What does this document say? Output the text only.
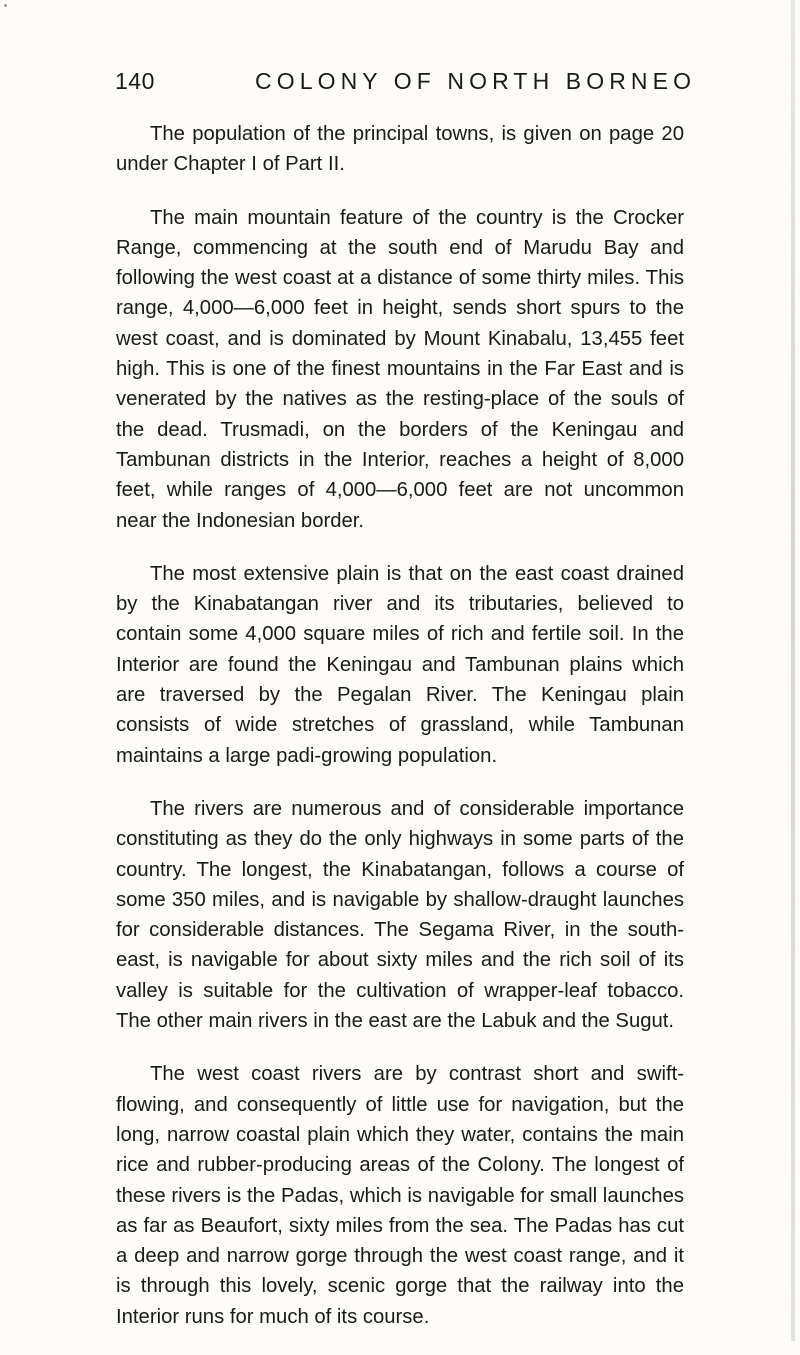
140	COLONY OF NORTH BORNEO

The population of the principal towns, is given on page 20 under Chapter I of Part II.

The main mountain feature of the country is the Crocker Range, commencing at the south end of Marudu Bay and following the west coast at a distance of some thirty miles. This range, 4,000—6,000 feet in height, sends short spurs to the west coast, and is dominated by Mount Kinabalu, 13,455 feet high. This is one of the finest mountains in the Far East and is venerated by the natives as the resting-place of the souls of the dead. Trusmadi, on the borders of the Keningau and Tambunan districts in the Interior, reaches a height of 8,000 feet, while ranges of 4,000—6,000 feet are not uncommon near the Indonesian border.

The most extensive plain is that on the east coast drained by the Kinabatangan river and its tributaries, believed to contain some 4,000 square miles of rich and fertile soil. In the Interior are found the Keningau and Tambunan plains which are traversed by the Pegalan River. The Keningau plain consists of wide stretches of grassland, while Tambunan maintains a large padi-growing population.

The rivers are numerous and of considerable importance constituting as they do the only highways in some parts of the country. The longest, the Kinabatangan, follows a course of some 350 miles, and is navigable by shallow-draught launches for considerable distances. The Segama River, in the south-east, is navigable for about sixty miles and the rich soil of its valley is suitable for the cultivation of wrapper-leaf tobacco. The other main rivers in the east are the Labuk and the Sugut.

The west coast rivers are by contrast short and swift-flowing, and consequently of little use for navigation, but the long, narrow coastal plain which they water, contains the main rice and rubber-producing areas of the Colony. The longest of these rivers is the Padas, which is navigable for small launches as far as Beaufort, sixty miles from the sea. The Padas has cut a deep and narrow gorge through the west coast range, and it is through this lovely, scenic gorge that the railway into the Interior runs for much of its course.
